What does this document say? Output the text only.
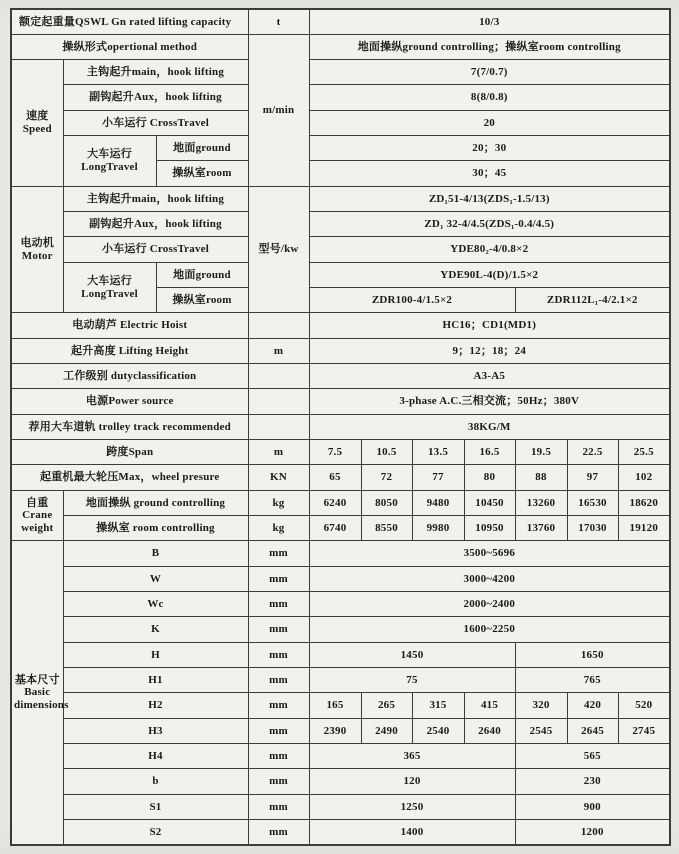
额定起重量QSWL Gn rated lifting capacity			t	10/3						
操纵形式opertional method			m/min	地面操纵ground controlling；操纵室room controlling						

速度
Speed	主钩起升main，hook lifting			7(7/0.7)						
	副钩起升Aux，hook lifting			8(8/0.8)						
	小车运行 CrossTravel			20						

	大车运行
LongTravel	地面ground		20；30						
		操纵室room		30；45						

电动机
Motor	主钩起升main，hook lifting		型号/kw	ZD₁51-4/13(ZDS₁-1.5/13)						
	副钩起升Aux，hook lifting			ZD₁ 32-4/4.5(ZDS₁-0.4/4.5)						
	小车运行 CrossTravel			YDE80₂-4/0.8×2						

	大车运行
LongTravel	地面ground		YDE90L-4(D)/1.5×2						
		操纵室room		ZDR100-4/1.5×2				ZDR112L₁-4/2.1×2		
电动葫芦 Electric Hoist				HC16；CD1(MD1)						
起升高度 Lifting Height			m	9；12；18；24						
工作级别 dutyclassification				A3-A5						
电源Power source				3-phase A.C.三相交流；50Hz；380V						
荐用大车道轨 trolley track recommended				38KG/M						
跨度Span			m	7.5	10.5	13.5	16.5	19.5	22.5	25.5
起重机最大轮压Max，wheel presure			KN	65	72	77	80	88	97	102

自重
Crane
weight	地面操纵 ground controlling		kg	6240	8050	9480	10450	13260	16530	18620
	操纵室 room controlling		kg	6740	8550	9980	10950	13760	17030	19120

基本尺寸
Basic
dimensions	B		mm	3500~5696						
	W		mm	3000~4200						
	Wc		mm	2000~2400						
	K		mm	1600~2250						
	H		mm	1450				1650		
	H1		mm	75				765		
	H2		mm	165	265	315	415	320	420	520
	H3		mm	2390	2490	2540	2640	2545	2645	2745
	H4		mm	365				565		
	b		mm	120				230		
	S1		mm	1250				900		
	S2		mm	1400				1200		
